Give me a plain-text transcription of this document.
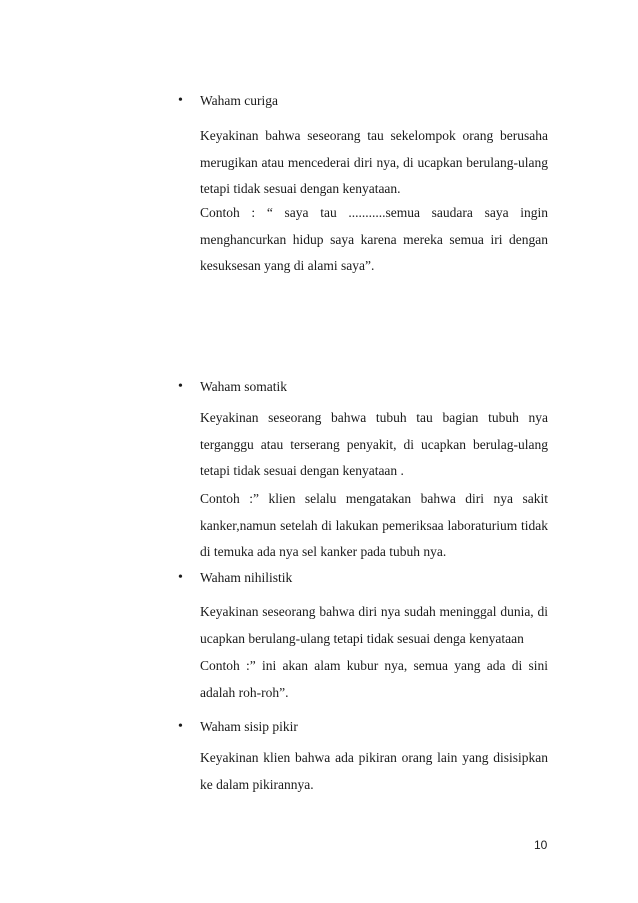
• Waham curiga

Keyakinan bahwa seseorang tau sekelompok orang berusaha merugikan atau mencederai diri nya, di ucapkan berulang-ulang tetapi tidak sesuai dengan kenyataan.

Contoh : “ saya tau ...........semua saudara saya ingin menghancurkan hidup saya karena mereka semua iri dengan kesuksesan yang di alami saya”.

• Waham somatik

Keyakinan seseorang bahwa tubuh tau bagian tubuh nya terganggu atau terserang penyakit, di ucapkan berulag-ulang tetapi tidak sesuai dengan kenyataan .

Contoh :” klien selalu mengatakan bahwa diri nya sakit kanker,namun setelah di lakukan pemeriksaa laboraturium tidak di temuka ada nya sel kanker pada tubuh nya.

• Waham nihilistik

Keyakinan seseorang bahwa diri nya sudah meninggal dunia, di ucapkan berulang-ulang tetapi tidak sesuai denga kenyataan

Contoh :” ini akan alam kubur nya, semua yang ada di sini adalah roh-roh”.

• Waham sisip pikir

Keyakinan klien bahwa ada pikiran orang lain yang disisipkan ke dalam pikirannya.

10
